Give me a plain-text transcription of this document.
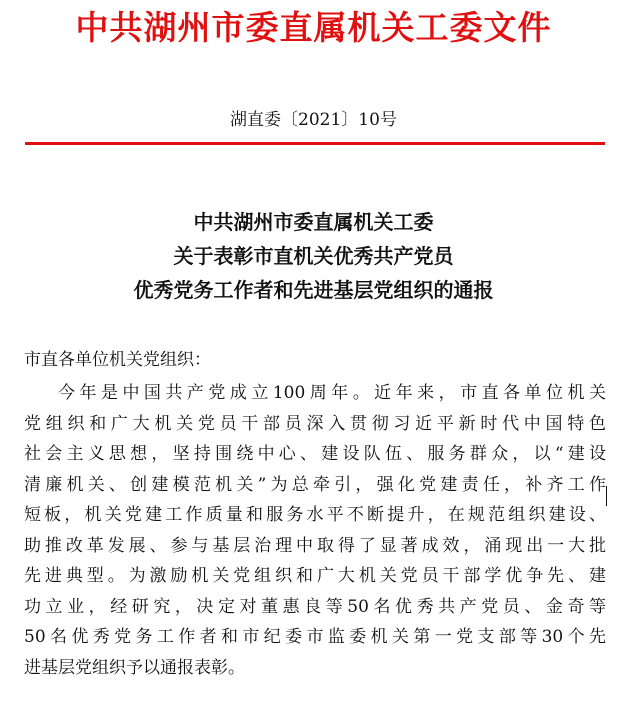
中共湖州市委直属机关工委文件
湖直委〔2021〕10号
中共湖州市委直属机关工委
关于表彰市直机关优秀共产党员
优秀党务工作者和先进基层党组织的通报
市直各单位机关党组织：
今年是中国共产党成立100周年。近年来，市直各单位机关
党组织和广大机关党员干部员深入贯彻习近平新时代中国特色
社会主义思想，坚持围绕中心、建设队伍、服务群众，以“建设
清廉机关、创建模范机关”为总牵引，强化党建责任，补齐工作
短板，机关党建工作质量和服务水平不断提升，在规范组织建设、
助推改革发展、参与基层治理中取得了显著成效，涌现出一大批
先进典型。为激励机关党组织和广大机关党员干部学优争先、建
功立业，经研究，决定对董惠良等50名优秀共产党员、金奇等
50名优秀党务工作者和市纪委市监委机关第一党支部等30个先
进基层党组织予以通报表彰。
